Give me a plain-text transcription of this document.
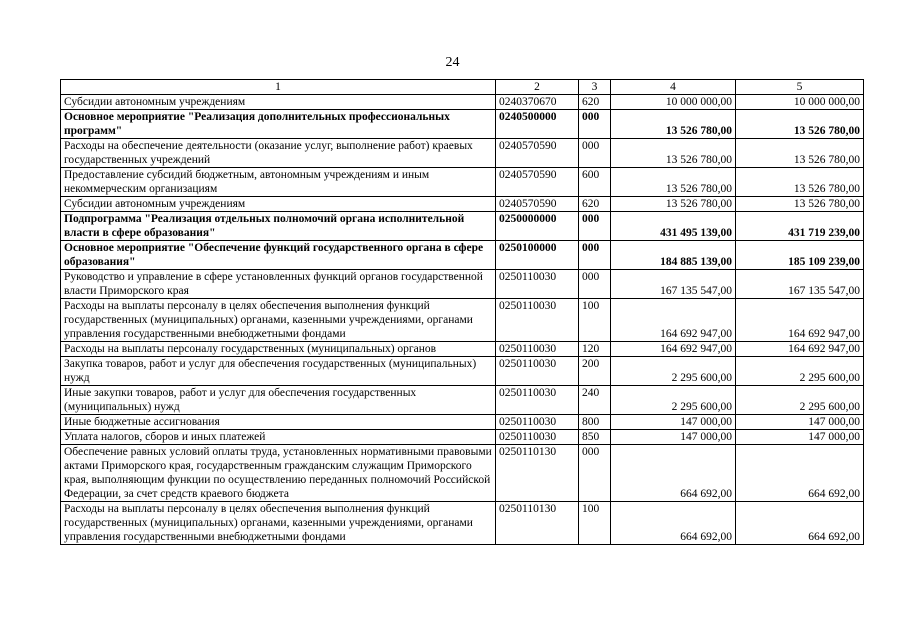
24
1	2	3	4	5
Субсидии автономным учреждениям	0240370670	620	10 000 000,00	10 000 000,00
Основное мероприятие "Реализация дополнительных профессиональных программ"	0240500000	000	13 526 780,00	13 526 780,00
Расходы на обеспечение деятельности (оказание услуг, выполнение работ) краевых государственных учреждений	0240570590	000	13 526 780,00	13 526 780,00
Предоставление субсидий бюджетным, автономным учреждениям и иным некоммерческим организациям	0240570590	600	13 526 780,00	13 526 780,00
Субсидии автономным учреждениям	0240570590	620	13 526 780,00	13 526 780,00
Подпрограмма "Реализация отдельных полномочий органа исполнительной власти в сфере образования"	0250000000	000	431 495 139,00	431 719 239,00
Основное мероприятие "Обеспечение функций государственного органа в сфере образования"	0250100000	000	184 885 139,00	185 109 239,00
Руководство и управление в сфере установленных функций органов государственной власти Приморского края	0250110030	000	167 135 547,00	167 135 547,00
Расходы на выплаты персоналу в целях обеспечения выполнения функций государственных (муниципальных) органами, казенными учреждениями, органами управления государственными внебюджетными фондами	0250110030	100	164 692 947,00	164 692 947,00
Расходы на выплаты персоналу государственных (муниципальных) органов	0250110030	120	164 692 947,00	164 692 947,00
Закупка товаров, работ и услуг для обеспечения государственных (муниципальных) нужд	0250110030	200	2 295 600,00	2 295 600,00
Иные закупки товаров, работ и услуг для обеспечения государственных (муниципальных) нужд	0250110030	240	2 295 600,00	2 295 600,00
Иные бюджетные ассигнования	0250110030	800	147 000,00	147 000,00
Уплата налогов, сборов и иных платежей	0250110030	850	147 000,00	147 000,00
Обеспечение равных условий оплаты труда, установленных нормативными правовыми актами Приморского края, государственным гражданским служащим Приморского края, выполняющим функции по осуществлению переданных полномочий Российской Федерации, за счет средств краевого бюджета	0250110130	000	664 692,00	664 692,00
Расходы на выплаты персоналу в целях обеспечения выполнения функций государственных (муниципальных) органами, казенными учреждениями, органами управления государственными внебюджетными фондами	0250110130	100	664 692,00	664 692,00
